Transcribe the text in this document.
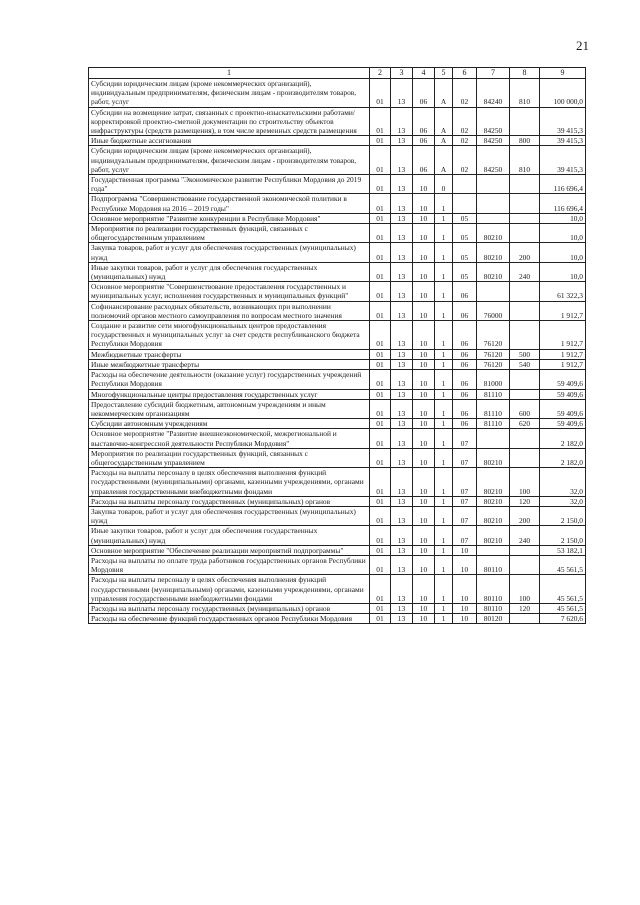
21
1	2	3	4	5	6	7	8	9
Субсидии юридическим лицам (кроме некоммерческих организаций), индивидуальным предпринимателям, физическим лицам - производителям товаров, работ, услуг	01	13	06	А	02	84240	810	100 000,0
Субсидии на возмещение затрат, связанных с проектно-изыскательскими работами/корректировкой проектно-сметной документации по строительству объектов инфраструктуры (средств размещения), в том числе временных средств размещения	01	13	06	А	02	84250		39 415,3
Иные бюджетные ассигнования	01	13	06	А	02	84250	800	39 415,3
Субсидии юридическим лицам (кроме некоммерческих организаций), индивидуальным предпринимателям, физическим лицам - производителям товаров, работ, услуг	01	13	06	А	02	84250	810	39 415,3
Государственная программа "Экономическое развитие Республики Мордовия до 2019 года"	01	13	10	0				116 696,4
Подпрограмма "Совершенствование государственной экономической политики в Республике Мордовия на 2016 – 2019 годы"	01	13	10	1				116 696,4
Основное мероприятие "Развитие конкуренции в Республике Мордовия"	01	13	10	1	05			10,0
Мероприятия по реализации государственных функций, связанных с общегосударственным управлением	01	13	10	1	05	80210		10,0
Закупка товаров, работ и услуг для обеспечения государственных (муниципальных) нужд	01	13	10	1	05	80210	200	10,0
Иные закупки товаров, работ и услуг для обеспечения государственных (муниципальных) нужд	01	13	10	1	05	80210	240	10,0
Основное мероприятие "Совершенствование предоставления государственных и муниципальных услуг, исполнения государственных и муниципальных функций"	01	13	10	1	06			61 322,3
Софинансирование расходных обязательств, возникающих при выполнении полномочий органов местного самоуправления по вопросам местного значения	01	13	10	1	06	76000		1 912,7
Создание и развитие сети многофункциональных центров предоставления государственных и муниципальных услуг за счет средств республиканского бюджета Республики Мордовия	01	13	10	1	06	76120		1 912,7
Межбюджетные трансферты	01	13	10	1	06	76120	500	1 912,7
Иные межбюджетные трансферты	01	13	10	1	06	76120	540	1 912,7
Расходы на обеспечение деятельности (оказание услуг) государственных учреждений Республики Мордовия	01	13	10	1	06	81000		59 409,6
Многофункциональные центры предоставления государственных услуг	01	13	10	1	06	81110		59 409,6
Предоставление субсидий бюджетным, автономным учреждениям и иным некоммерческим организациям	01	13	10	1	06	81110	600	59 409,6
Субсидии автономным учреждениям	01	13	10	1	06	81110	620	59 409,6
Основное мероприятие "Развитие внешнеэкономической, межрегиональной и выставочно-конгрессной деятельности Республики Мордовия"	01	13	10	1	07			2 182,0
Мероприятия по реализации государственных функций, связанных с общегосударственным управлением	01	13	10	1	07	80210		2 182,0
Расходы на выплаты персоналу в целях обеспечения выполнения функций государственными (муниципальными) органами, казенными учреждениями, органами управления государственными внебюджетными фондами	01	13	10	1	07	80210	100	32,0
Расходы на выплаты персоналу государственных (муниципальных) органов	01	13	10	1	07	80210	120	32,0
Закупка товаров, работ и услуг для обеспечения государственных (муниципальных) нужд	01	13	10	1	07	80210	200	2 150,0
Иные закупки товаров, работ и услуг для обеспечения государственных (муниципальных) нужд	01	13	10	1	07	80210	240	2 150,0
Основное мероприятие "Обеспечение реализации мероприятий подпрограммы"	01	13	10	1	10			53 182,1
Расходы на выплаты по оплате труда работников государственных органов Республики Мордовия	01	13	10	1	10	80110		45 561,5
Расходы на выплаты персоналу в целях обеспечения выполнения функций государственными (муниципальными) органами, казенными учреждениями, органами управления государственными внебюджетными фондами	01	13	10	1	10	80110	100	45 561,5
Расходы на выплаты персоналу государственных (муниципальных) органов	01	13	10	1	10	80110	120	45 561,5
Расходы на обеспечение функций государственных органов Республики Мордовия	01	13	10	1	10	80120		7 620,6
